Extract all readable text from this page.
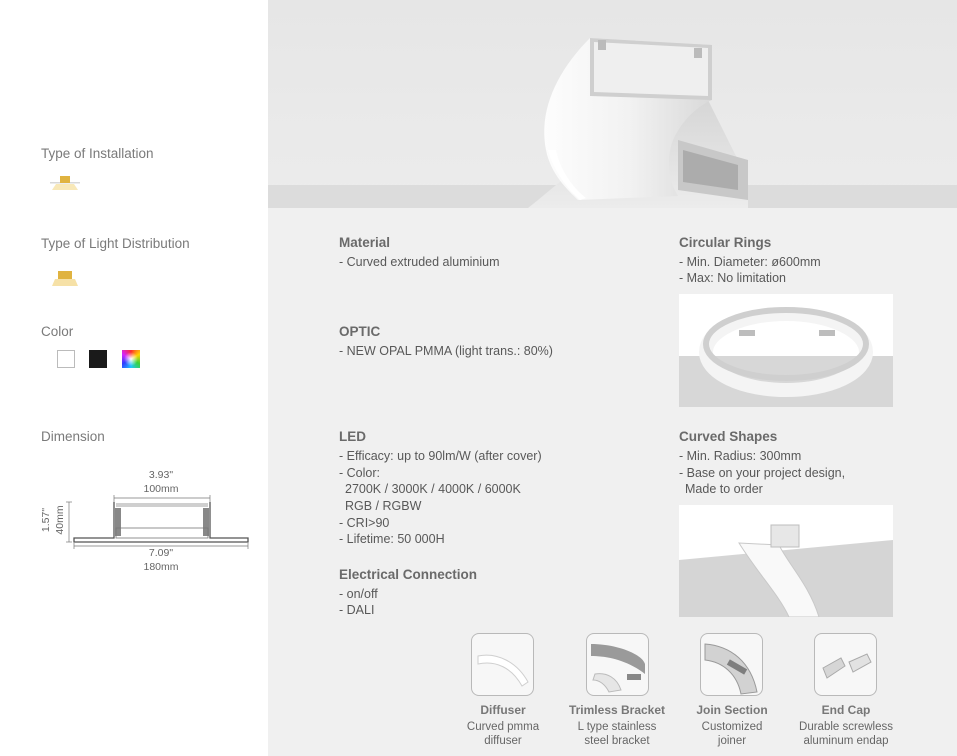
Type of Installation
Type of Light Distribution
Color
Dimension
3.93"
100mm
7.09"
180mm
1.57" 40mm
Material
- Curved extruded aluminium
OPTIC
- NEW OPAL PMMA (light trans.: 80%)
LED
- Efficacy: up to 90lm/W (after cover)
- Color:
2700K / 3000K / 4000K / 6000K
RGB / RGBW
- CRI>90
- Lifetime: 50 000H
Electrical Connection
- on/off
- DALI
Circular Rings
- Min. Diameter: ø600mm
- Max: No limitation
Curved Shapes
- Min. Radius: 300mm
- Base on your project design,
Made to order
Diffuser
Curved pmma
diffuser
Trimless Bracket
L type stainless
steel bracket
Join Section
Customized
joiner
End Cap
Durable screwless
aluminum endap
